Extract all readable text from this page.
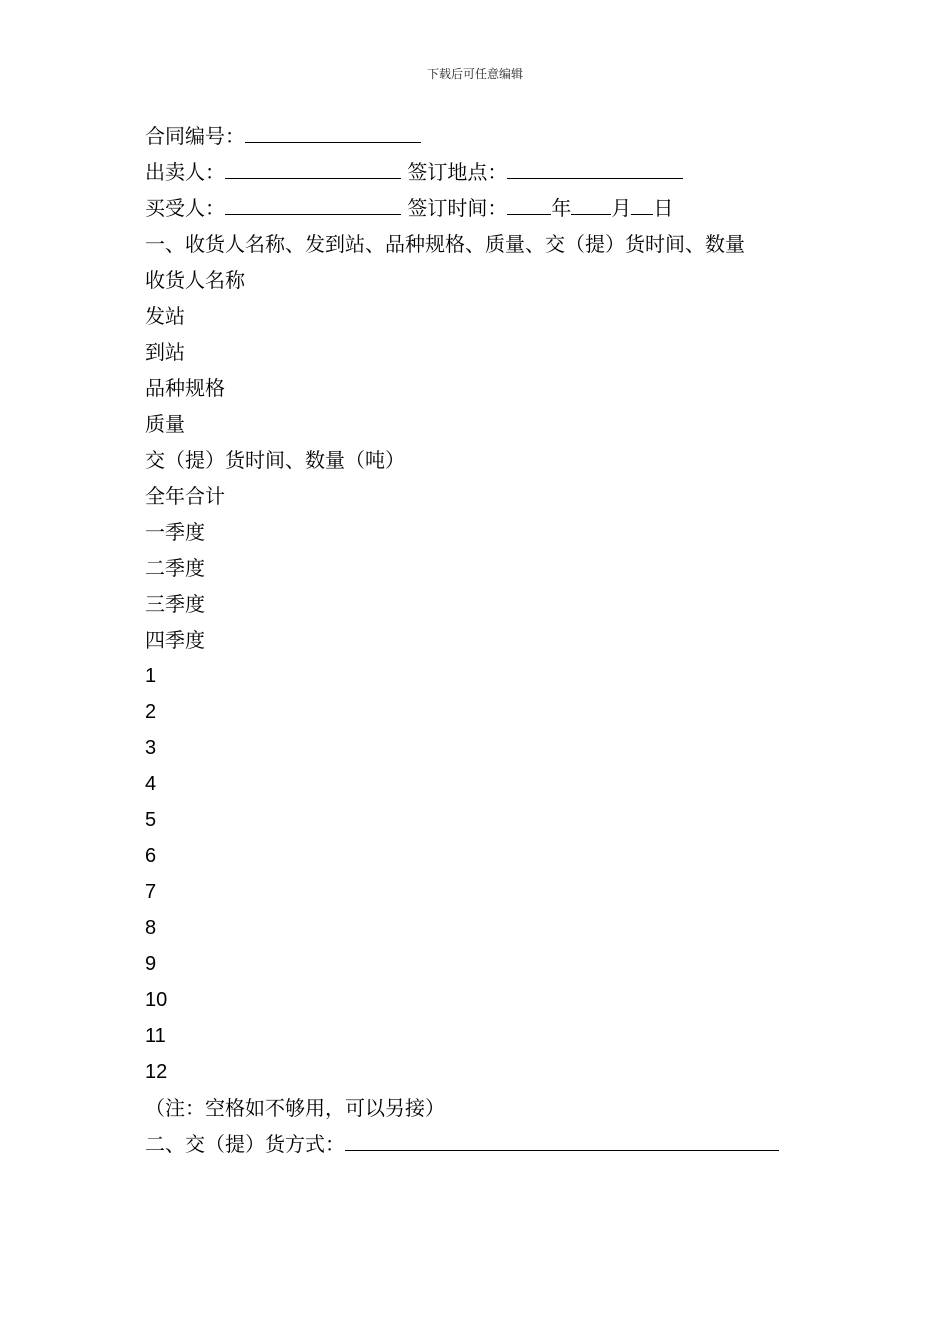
下载后可任意编辑
合同编号：
出卖人：	签订地点：
买受人：	签订时间： 年 月 日
一、收货人名称、发到站、品种规格、质量、交（提）货时间、数量
收货人名称
发站
到站
品种规格
质量
交（提）货时间、数量（吨）
全年合计
一季度
二季度
三季度
四季度
1
2
3
4
5
6
7
8
9
10
11
12
（注：空格如不够用，可以另接）
二、交（提）货方式：
